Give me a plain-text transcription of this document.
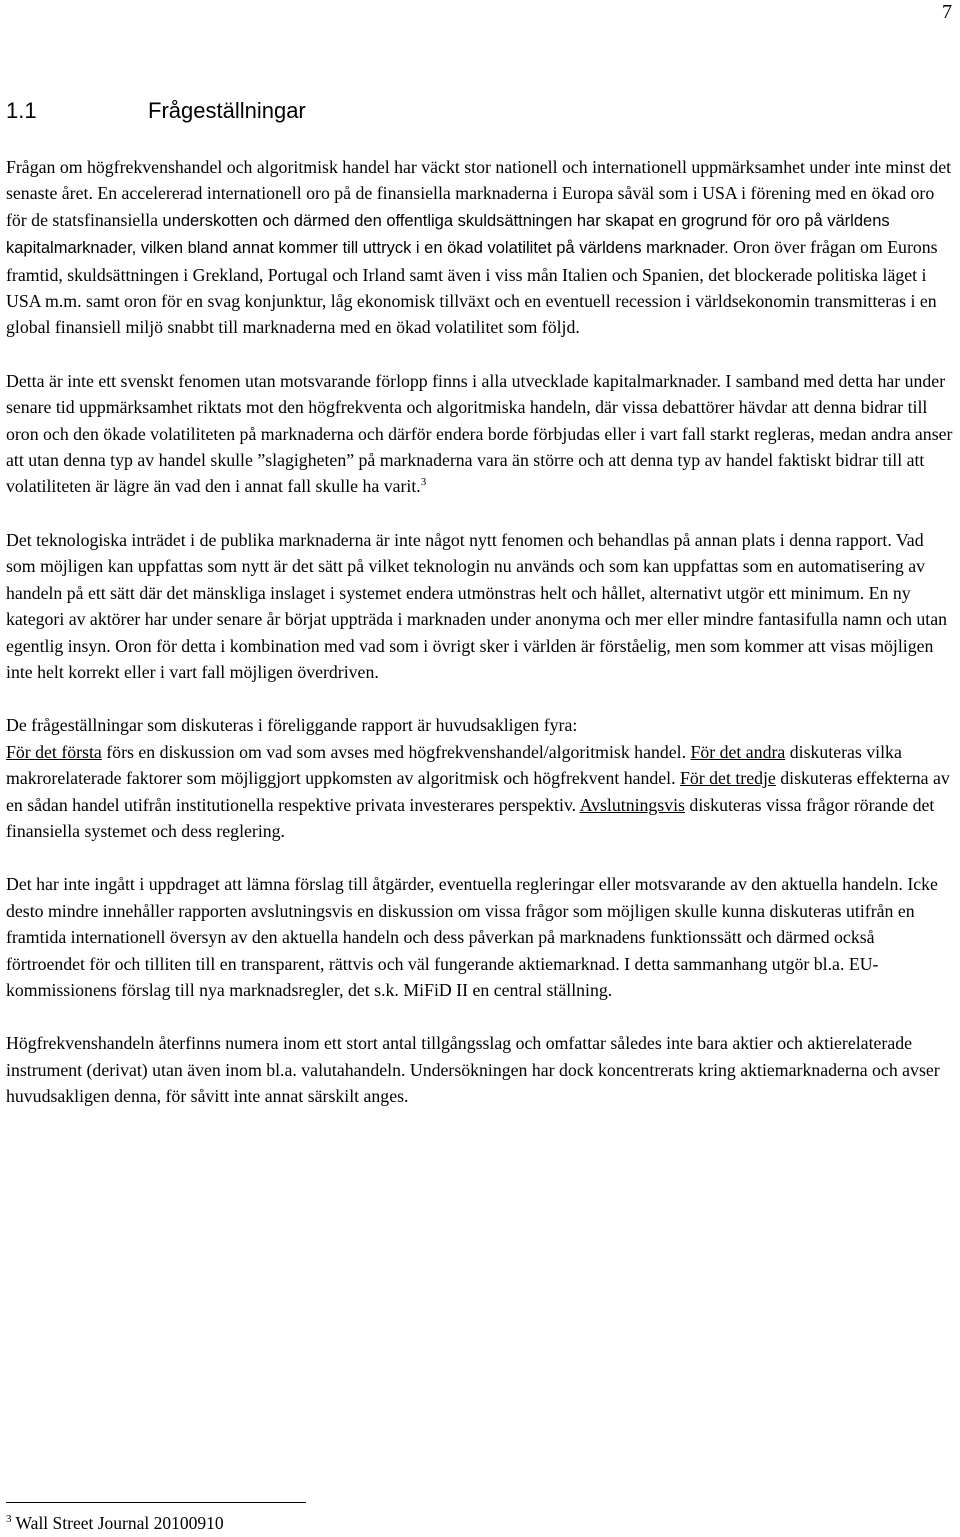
7
1.1	Frågeställningar

Frågan om högfrekvenshandel och algoritmisk handel har väckt stor nationell och internationell uppmärksamhet under inte minst det senaste året. En accelererad internationell oro på de finansiella marknaderna i Europa såväl som i USA i förening med en ökad oro för de statsfinansiella underskotten och därmed den offentliga skuldsättningen har skapat en grogrund för oro på världens kapitalmarknader, vilken bland annat kommer till uttryck i en ökad volatilitet på världens marknader. Oron över frågan om Eurons framtid, skuldsättningen i Grekland, Portugal och Irland samt även i viss mån Italien och Spanien, det blockerade politiska läget i USA m.m. samt oron för en svag konjunktur, låg ekonomisk tillväxt och en eventuell recession i världsekonomin transmitteras i en global finansiell miljö snabbt till marknaderna med en ökad volatilitet som följd.

Detta är inte ett svenskt fenomen utan motsvarande förlopp finns i alla utvecklade kapitalmarknader. I samband med detta har under senare tid uppmärksamhet riktats mot den högfrekventa och algoritmiska handeln, där vissa debattörer hävdar att denna bidrar till oron och den ökade volatiliteten på marknaderna och därför endera borde förbjudas eller i vart fall starkt regleras, medan andra anser att utan denna typ av handel skulle ”slagigheten” på marknaderna vara än större och att denna typ av handel faktiskt bidrar till att volatiliteten är lägre än vad den i annat fall skulle ha varit.$^3$

Det teknologiska inträdet i de publika marknaderna är inte något nytt fenomen och behandlas på annan plats i denna rapport. Vad som möjligen kan uppfattas som nytt är det sätt på vilket teknologin nu används och som kan uppfattas som en automatisering av handeln på ett sätt där det mänskliga inslaget i systemet endera utmönstras helt och hållet, alternativt utgör ett minimum. En ny kategori av aktörer har under senare år börjat uppträda i marknaden under anonyma och mer eller mindre fantasifulla namn och utan egentlig insyn. Oron för detta i kombination med vad som i övrigt sker i världen är förståelig, men som kommer att visas möjligen inte helt korrekt eller i vart fall möjligen överdriven.

De frågeställningar som diskuteras i föreliggande rapport är huvudsakligen fyra:

För det första förs en diskussion om vad som avses med högfrekvenshandel/algoritmisk handel. För det andra diskuteras vilka makrorelaterade faktorer som möjliggjort uppkomsten av algoritmisk och högfrekvent handel. För det tredje diskuteras effekterna av en sådan handel utifrån institutionella respektive privata investerares perspektiv. Avslutningsvis diskuteras vissa frågor rörande det finansiella systemet och dess reglering.

Det har inte ingått i uppdraget att lämna förslag till åtgärder, eventuella regleringar eller motsvarande av den aktuella handeln. Icke desto mindre innehåller rapporten avslutningsvis en diskussion om vissa frågor som möjligen skulle kunna diskuteras utifrån en framtida internationell översyn av den aktuella handeln och dess påverkan på marknadens funktionssätt och därmed också förtroendet för och tilliten till en transparent, rättvis och väl fungerande aktiemarknad. I detta sammanhang utgör bl.a. EU-kommissionens förslag till nya marknadsregler, det s.k. MiFiD II en central ställning.

Högfrekvenshandeln återfinns numera inom ett stort antal tillgångsslag och omfattar således inte bara aktier och aktierelaterade instrument (derivat) utan även inom bl.a. valutahandeln. Undersökningen har dock koncentrerats kring aktiemarknaderna och avser huvudsakligen denna, för såvitt inte annat särskilt anges.

$^3$ Wall Street Journal 20100910
